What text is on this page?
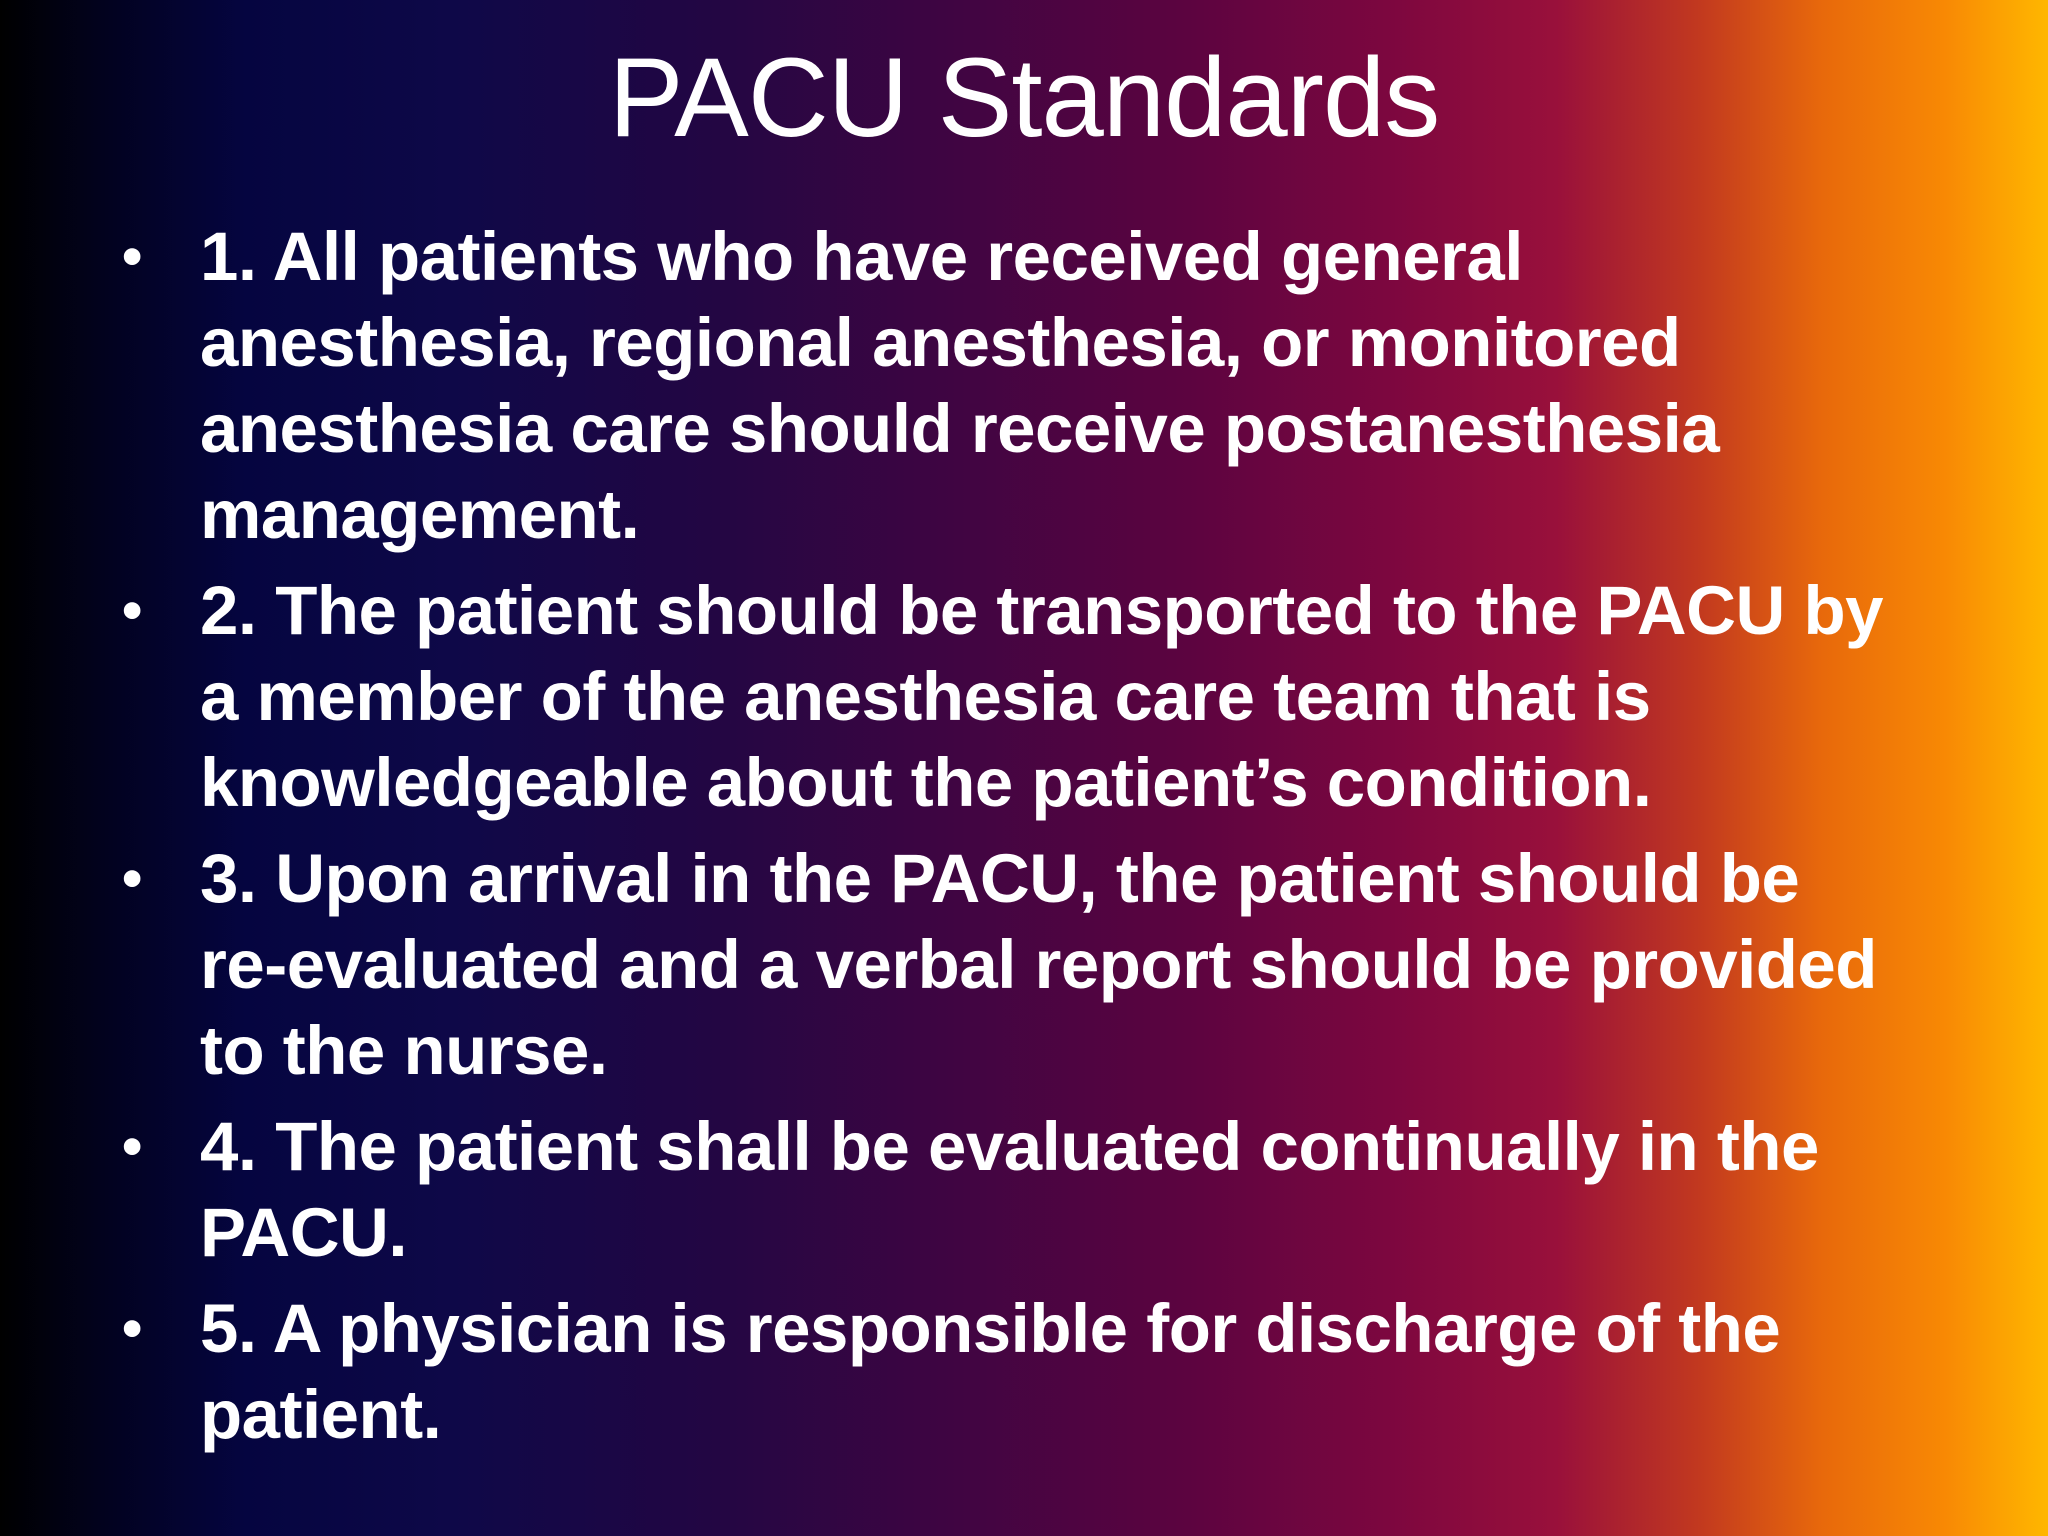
PACU Standards
• 1. All patients who have received general anesthesia, regional anesthesia, or monitored anesthesia care should receive postanesthesia management.
• 2. The patient should be transported to the PACU by a member of the anesthesia care team that is knowledgeable about the patient’s condition.
• 3. Upon arrival in the PACU, the patient should be re-evaluated and a verbal report should be provided to the nurse.
• 4. The patient shall be evaluated continually in the PACU.
• 5. A physician is responsible for discharge of the patient.
